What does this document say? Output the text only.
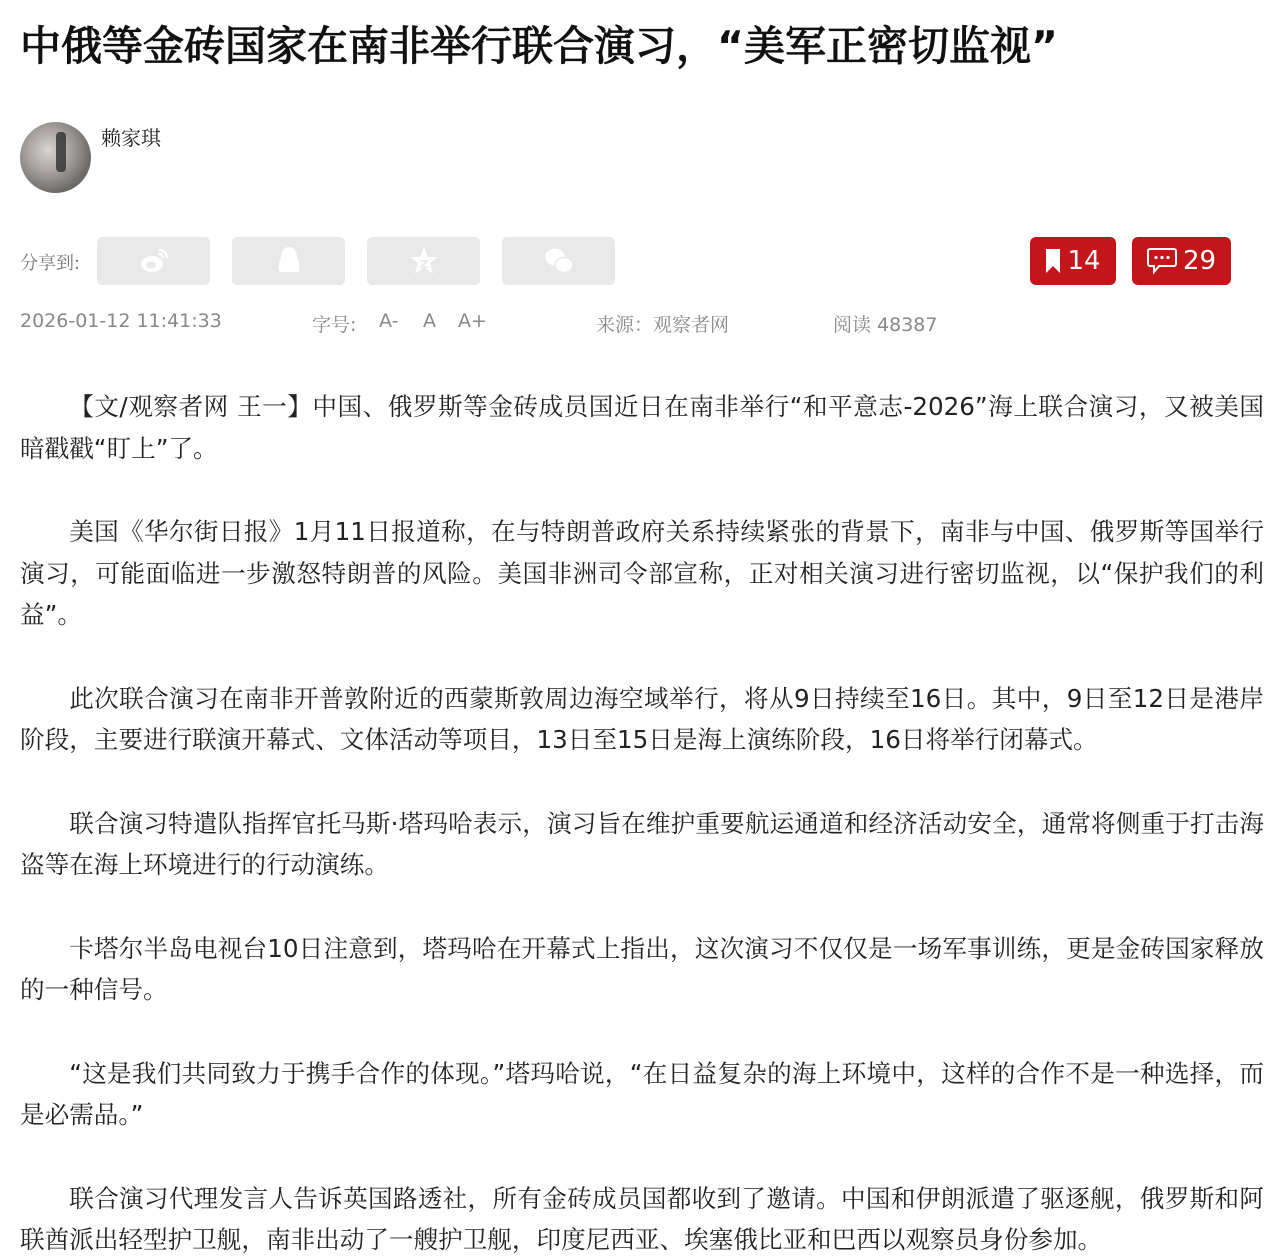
中俄等金砖国家在南非举行联合演习，“美军正密切监视”
赖家琪
分享到:	14	29
2026-01-12 11:41:33	字号: A- A A+	来源：观察者网	阅读 48387

【文/观察者网 王一】中国、俄罗斯等金砖成员国近日在南非举行“和平意志-2026”海上联合演习，又被美国暗戳戳“盯上”了。

美国《华尔街日报》1月11日报道称，在与特朗普政府关系持续紧张的背景下，南非与中国、俄罗斯等国举行演习，可能面临进一步激怒特朗普的风险。美国非洲司令部宣称，正对相关演习进行密切监视，以“保护我们的利益”。

此次联合演习在南非开普敦附近的西蒙斯敦周边海空域举行，将从9日持续至16日。其中，9日至12日是港岸阶段，主要进行联演开幕式、文体活动等项目，13日至15日是海上演练阶段，16日将举行闭幕式。

联合演习特遣队指挥官托马斯·塔玛哈表示，演习旨在维护重要航运通道和经济活动安全，通常将侧重于打击海盗等在海上环境进行的行动演练。

卡塔尔半岛电视台10日注意到，塔玛哈在开幕式上指出，这次演习不仅仅是一场军事训练，更是金砖国家释放的一种信号。

“这是我们共同致力于携手合作的体现。”塔玛哈说，“在日益复杂的海上环境中，这样的合作不是一种选择，而是必需品。”

联合演习代理发言人告诉英国路透社，所有金砖成员国都收到了邀请。中国和伊朗派遣了驱逐舰，俄罗斯和阿联酋派出轻型护卫舰，南非出动了一艘护卫舰，印度尼西亚、埃塞俄比亚和巴西以观察员身份参加。
